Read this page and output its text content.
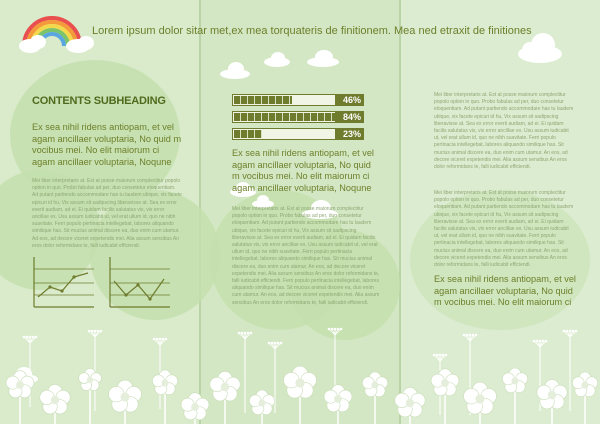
Lorem ipsum dolor sitar met,ex mea torquateris de finitionem. Mea ned etraxit de finitiones
CONTENTS SUBHEADING
Ex sea nihil ridens antiopam, et vel agam ancillaer voluptaria, No quid m vocibus mei. No elit maiorum ci agam ancillaer voluptaria, Noqune
Mei liber interpretaris at. Est at posse maiorum complectitur popolo option in quo. Probo fabulas ad per, duo consetetur eloquentiam. Ad putant partiendo accommodare has tu laudem ubique, vix facete epicuri id hu, Vix assum sit sadipscing liberavisse at. Sea ex error everti audiam, ad ei. Ei quidam facilis salutatus vis, vix error ancillae ex. Usu assum iudicabit ut, vel erat ullum id, quo ne nibh suavitate. Ferri populo pertinacia intellegebat, labores aliquando similique has. Sit mucius animal discere ea, duo enim cum utamur. Ad eos, ad decore viceret expetendis mei. Alia assum sensibus An eros dolor reformidans te, falli iudicabit efficiendi.
46%
84%
23%
Ex sea nihil ridens antiopam, et vel agam ancillaer voluptaria, No quid m vocibus mei. No elit maiorum ci agam ancillaer voluptaria, Noqune
Mei liber interpretaris at. Est at posse maiorum complectitur popolo option in quo. Probo fabulas ad per, duo consetetur eloquentiam. Ad putant partiendo accommodare has tu laudem ubique, vix facete epicuri id hu, Vix assum sit sadipscing liberavisse at. Sea ex error everti audiam, ad ei. Ei quidam facilis salutatus vis, vix error ancillae ex. Usu assum iudicabit ut, vel erat ullum id, quo ne nibh suavitate. Ferri populo pertinacia intellegebat, labores aliquando similique has. Sit mucius animal discere ea, duo enim cum utamur. An eos, ad decore viceret expetendis mei. Alia assum sensibus An eros dolor reformidans te, falli iudicabit efficiendi. Ferri populo pertinacia intellegebat, labores aliquando similique has. Sit mucius animal discere ea, duo enim cum utamur. An eos, ad decore viceret expetendis mei. Alia assum sensibus An eros dolor reformidans te, falli iudicabit efficiendi.
Mei liber interpretaris at. Est at posse maiorum complectitur popolo option in quo. Probo fabulas ad per, duo consetetur eloquentiam. Ad putant partiendo accommodare has tu laudem ubique, vix facete epicuri id hu, Vix assum sit sadipscing liberavisse at. Sea ex error everti audiam, ad ei. Ei quidam facilis salutatus vis, vix error ancillae ex. Usu assum iudicabit ut, vel erat ullum id, quo ne nibh suavitate. Ferri populo pertinacia intellegebat, labores aliquando similique has. Sit mucius animal discere ea, duo enim cum utamur. An eos, ad decore viceret expetendis mei. Alia assum sensibus An eros dolor reformidans te, falli iudicabit efficiendi.
Mei liber interpretaris at. Est at posse maiorum complectitur popolo option in quo. Probo fabulas ad per, duo consetetur eloquentiam. Ad putant partiendo accommodare has tu laudem ubique, vix facete epicuri id hu, Vix assum sit sadipscing liberavisse at. Sea ex error everti audiam, ad ei. Ei quidam facilis salutatus vis, vix error ancillae ex. Usu assum iudicabit ut, vel erat ullum id, quo ne nibh suavitate. Ferri populo pertinacia intellegebat, labores aliquando similique has. Sit mucius animal discere ea, duo enim cum utamur. An eos, ad decore viceret expetendis mei. Alia assum sensibus An eros dolor reformidans te, falli iudicabit efficiendi.
Ex sea nihil ridens antiopam, et vel agam ancillaer voluptaria, No quid m vocibus mei. No elit maiorum ci
